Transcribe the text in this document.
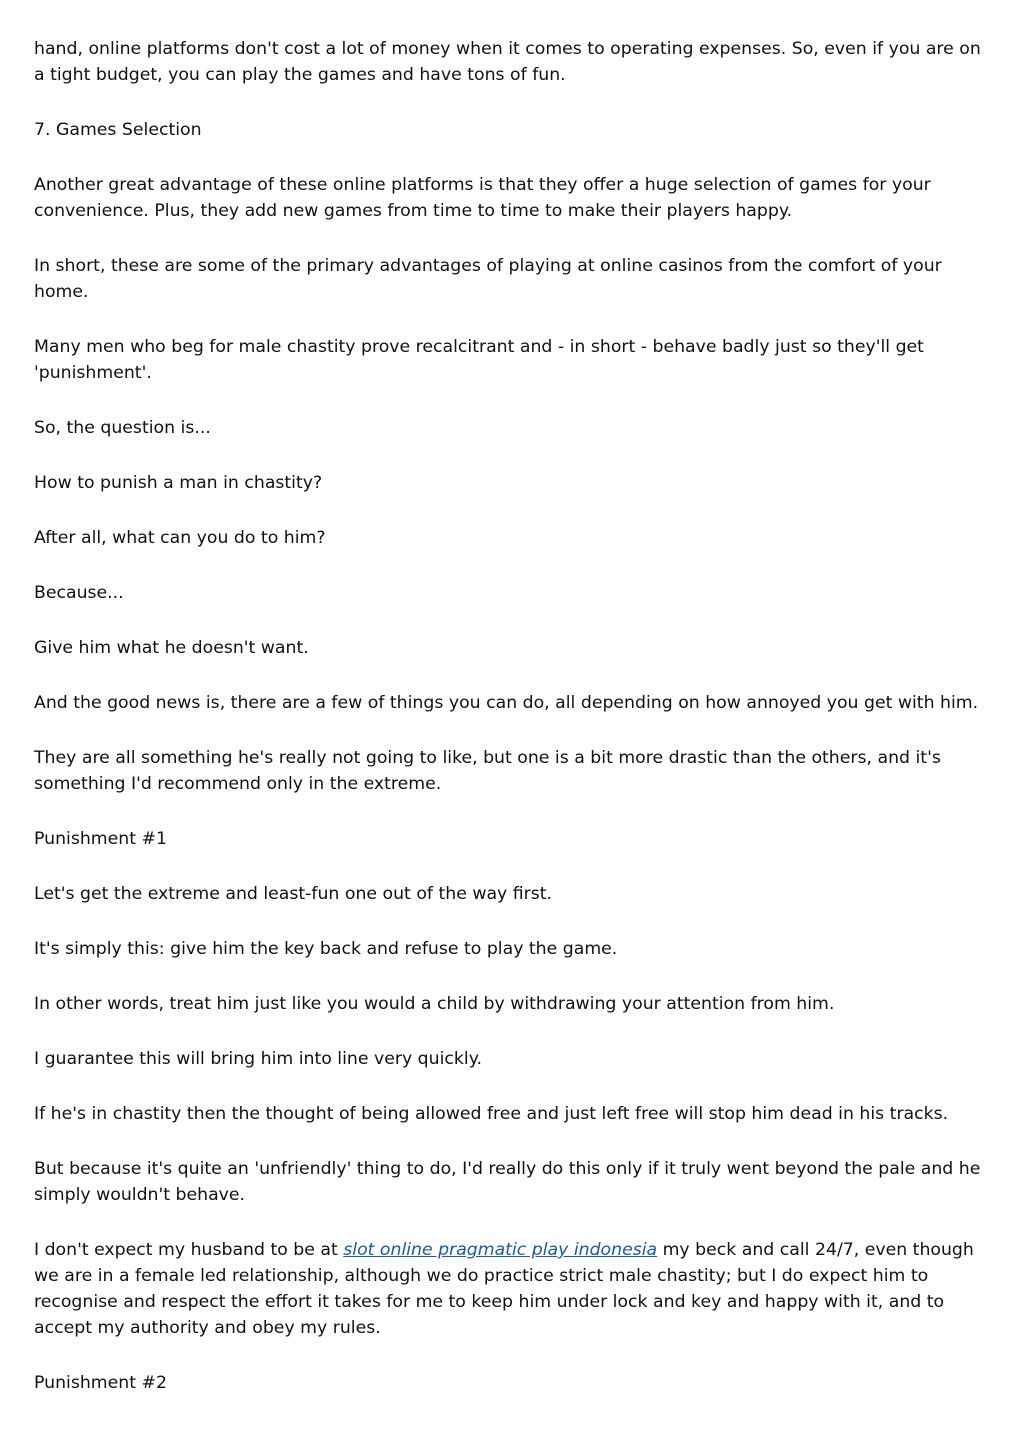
hand, online platforms don't cost a lot of money when it comes to operating expenses. So, even if you are on a tight budget, you can play the games and have tons of fun.

7. Games Selection

Another great advantage of these online platforms is that they offer a huge selection of games for your convenience. Plus, they add new games from time to time to make their players happy.

In short, these are some of the primary advantages of playing at online casinos from the comfort of your home.

Many men who beg for male chastity prove recalcitrant and - in short - behave badly just so they'll get 'punishment'.

So, the question is...

How to punish a man in chastity?

After all, what can you do to him?

Because...

Give him what he doesn't want.

And the good news is, there are a few of things you can do, all depending on how annoyed you get with him.

They are all something he's really not going to like, but one is a bit more drastic than the others, and it's something I'd recommend only in the extreme.

Punishment #1

Let's get the extreme and least-fun one out of the way first.

It's simply this: give him the key back and refuse to play the game.

In other words, treat him just like you would a child by withdrawing your attention from him.

I guarantee this will bring him into line very quickly.

If he's in chastity then the thought of being allowed free and just left free will stop him dead in his tracks.

But because it's quite an 'unfriendly' thing to do, I'd really do this only if it truly went beyond the pale and he simply wouldn't behave.

I don't expect my husband to be at slot online pragmatic play indonesia my beck and call 24/7, even though we are in a female led relationship, although we do practice strict male chastity; but I do expect him to recognise and respect the effort it takes for me to keep him under lock and key and happy with it, and to accept my authority and obey my rules.

Punishment #2
